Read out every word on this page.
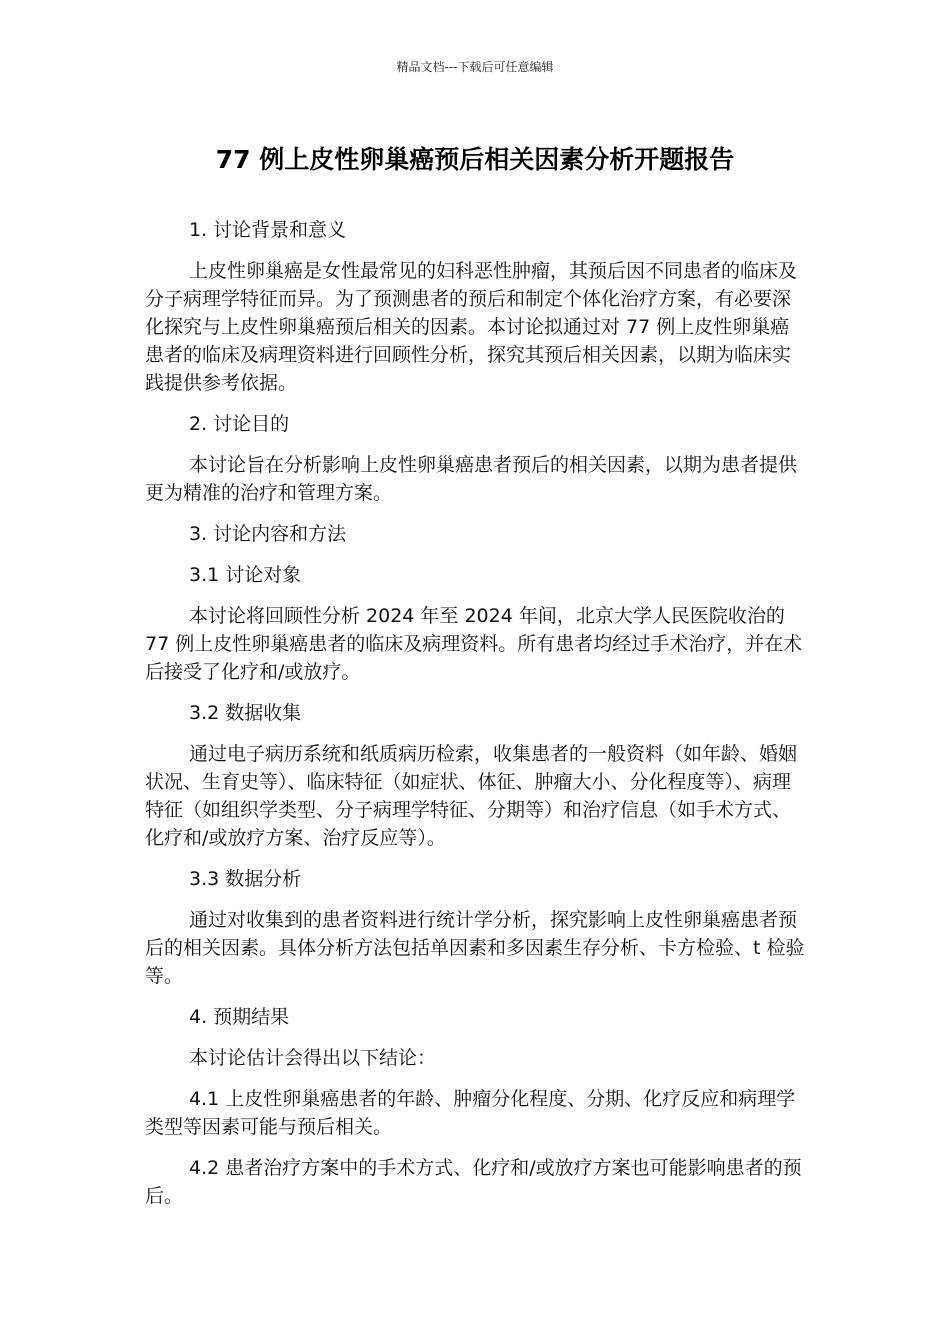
精品文档---下载后可任意编辑
77 例上皮性卵巢癌预后相关因素分析开题报告

1. 讨论背景和意义

上皮性卵巢癌是女性最常见的妇科恶性肿瘤，其预后因不同患者的临床及分子病理学特征而异。为了预测患者的预后和制定个体化治疗方案，有必要深化探究与上皮性卵巢癌预后相关的因素。本讨论拟通过对 77 例上皮性卵巢癌患者的临床及病理资料进行回顾性分析，探究其预后相关因素，以期为临床实践提供参考依据。

2. 讨论目的

本讨论旨在分析影响上皮性卵巢癌患者预后的相关因素，以期为患者提供更为精准的治疗和管理方案。

3. 讨论内容和方法

3.1 讨论对象

本讨论将回顾性分析 2024 年至 2024 年间，北京大学人民医院收治的 77 例上皮性卵巢癌患者的临床及病理资料。所有患者均经过手术治疗，并在术后接受了化疗和/或放疗。

3.2 数据收集

通过电子病历系统和纸质病历检索，收集患者的一般资料（如年龄、婚姻状况、生育史等）、临床特征（如症状、体征、肿瘤大小、分化程度等）、病理特征（如组织学类型、分子病理学特征、分期等）和治疗信息（如手术方式、化疗和/或放疗方案、治疗反应等）。

3.3 数据分析

通过对收集到的患者资料进行统计学分析，探究影响上皮性卵巢癌患者预后的相关因素。具体分析方法包括单因素和多因素生存分析、卡方检验、t 检验等。

4. 预期结果

本讨论估计会得出以下结论：

4.1 上皮性卵巢癌患者的年龄、肿瘤分化程度、分期、化疗反应和病理学类型等因素可能与预后相关。

4.2 患者治疗方案中的手术方式、化疗和/或放疗方案也可能影响患者的预后。
